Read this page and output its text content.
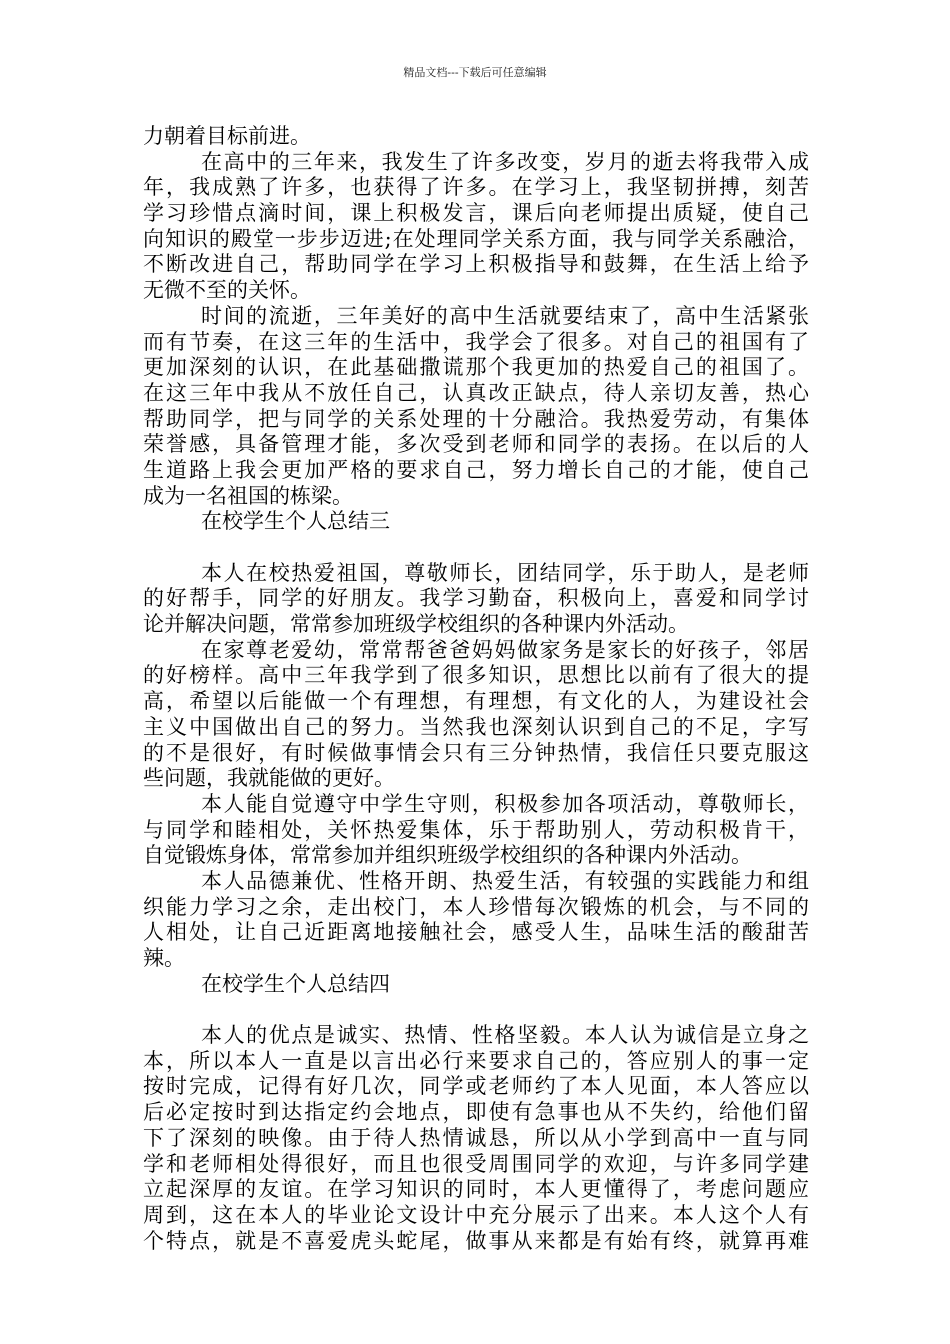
精品文档---下载后可任意编辑
力朝着目标前进。
在高中的三年来，我发生了许多改变，岁月的逝去将我带入成
年，我成熟了许多，也获得了许多。在学习上，我坚韧拼搏，刻苦
学习珍惜点滴时间，课上积极发言，课后向老师提出质疑，使自己
向知识的殿堂一步步迈进;在处理同学关系方面，我与同学关系融洽，
不断改进自己，帮助同学在学习上积极指导和鼓舞，在生活上给予
无微不至的关怀。
时间的流逝，三年美好的高中生活就要结束了，高中生活紧张
而有节奏，在这三年的生活中，我学会了很多。对自己的祖国有了
更加深刻的认识，在此基础撒谎那个我更加的热爱自己的祖国了。
在这三年中我从不放任自己，认真改正缺点，待人亲切友善，热心
帮助同学，把与同学的关系处理的十分融洽。我热爱劳动，有集体
荣誉感，具备管理才能，多次受到老师和同学的表扬。在以后的人
生道路上我会更加严格的要求自己，努力增长自己的才能，使自己
成为一名祖国的栋梁。
在校学生个人总结三
本人在校热爱祖国，尊敬师长，团结同学，乐于助人，是老师
的好帮手，同学的好朋友。我学习勤奋，积极向上，喜爱和同学讨
论并解决问题，常常参加班级学校组织的各种课内外活动。
在家尊老爱幼，常常帮爸爸妈妈做家务是家长的好孩子，邻居
的好榜样。高中三年我学到了很多知识，思想比以前有了很大的提
高，希望以后能做一个有理想，有理想，有文化的人，为建设社会
主义中国做出自己的努力。当然我也深刻认识到自己的不足，字写
的不是很好，有时候做事情会只有三分钟热情，我信任只要克服这
些问题，我就能做的更好。
本人能自觉遵守中学生守则，积极参加各项活动，尊敬师长，
与同学和睦相处，关怀热爱集体，乐于帮助别人，劳动积极肯干，
自觉锻炼身体，常常参加并组织班级学校组织的各种课内外活动。
本人品德兼优、性格开朗、热爱生活，有较强的实践能力和组
织能力学习之余，走出校门，本人珍惜每次锻炼的机会，与不同的
人相处，让自己近距离地接触社会，感受人生，品味生活的酸甜苦
辣。
在校学生个人总结四
本人的优点是诚实、热情、性格坚毅。本人认为诚信是立身之
本，所以本人一直是以言出必行来要求自己的，答应别人的事一定
按时完成，记得有好几次，同学或老师约了本人见面，本人答应以
后必定按时到达指定约会地点，即使有急事也从不失约，给他们留
下了深刻的映像。由于待人热情诚恳，所以从小学到高中一直与同
学和老师相处得很好，而且也很受周围同学的欢迎，与许多同学建
立起深厚的友谊。在学习知识的同时，本人更懂得了，考虑问题应
周到，这在本人的毕业论文设计中充分展示了出来。本人这个人有
个特点，就是不喜爱虎头蛇尾，做事从来都是有始有终，就算再难
